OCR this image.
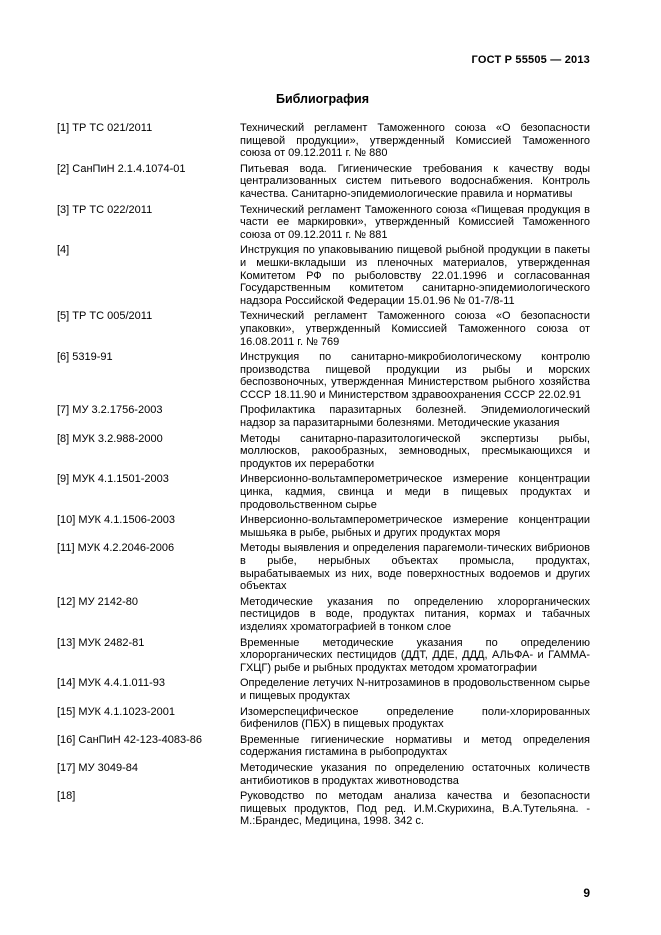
ГОСТ Р 55505 — 2013
Библиография
[1] ТР ТС 021/2011	Технический регламент Таможенного союза «О безопасности пищевой продукции», утвержденный Комиссией Таможенного союза от 09.12.2011 г. № 880
[2] СанПиН 2.1.4.1074-01	Питьевая вода. Гигиенические требования к качеству воды централизованных систем питьевого водоснабжения. Контроль качества. Санитарно-эпидемиологические правила и нормативы
[3] ТР ТС 022/2011	Технический регламент Таможенного союза «Пищевая продукция в части ее маркировки», утвержденный Комиссией Таможенного союза от 09.12.2011 г. № 881
[4]	Инструкция по упаковыванию пищевой рыбной продукции в пакеты и мешки-вкладыши из пленочных материалов, утвержденная Комитетом РФ по рыболовству 22.01.1996 и согласованная Государственным комитетом санитарно-эпидемиологического надзора Российской Федерации 15.01.96 № 01-7/8-11
[5] ТР ТС 005/2011	Технический регламент Таможенного союза «О безопасности упаковки», утвержденный Комиссией Таможенного союза от 16.08.2011 г. № 769
[6] 5319-91	Инструкция по санитарно-микробиологическому контролю производства пищевой продукции из рыбы и морских беспозвоночных, утвержденная Министерством рыбного хозяйства СССР 18.11.90 и Министерством здравоохранения СССР 22.02.91
[7] МУ 3.2.1756-2003	Профилактика паразитарных болезней. Эпидемиологический надзор за паразитарными болезнями. Методические указания
[8] МУК 3.2.988-2000	Методы санитарно-паразитологической экспертизы рыбы, моллюсков, ракообразных, земноводных, пресмыкающихся и продуктов их переработки
[9] МУК 4.1.1501-2003	Инверсионно-вольтамперометрическое измерение концентрации цинка, кадмия, свинца и меди в пищевых продуктах и продовольственном сырье
[10] МУК 4.1.1506-2003	Инверсионно-вольтамперометрическое измерение концентрации мышьяка в рыбе, рыбных и других продуктах моря
[11] МУК 4.2.2046-2006	Методы выявления и определения парагемоли-тических вибрионов в рыбе, нерыбных объектах промысла, продуктах, вырабатываемых из них, воде поверхностных водоемов и других объектах
[12] МУ 2142-80	Методические указания по определению хлорорганических пестицидов в воде, продуктах питания, кормах и табачных изделиях хроматографией в тонком слое
[13] МУК 2482-81	Временные методические указания по определению хлорорганических пестицидов (ДДТ, ДДЕ, ДДД, АЛЬФА- и ГАММА-ГХЦГ) рыбе и рыбных продуктах методом хроматографии
[14] МУК 4.4.1.011-93	Определение летучих N-нитрозаминов в продовольственном сырье и пищевых продуктах
[15] МУК 4.1.1023-2001	Изомерспецифическое определение поли-хлорированных бифенилов (ПБХ) в пищевых продуктах
[16] СанПиН 42-123-4083-86	Временные гигиенические нормативы и метод определения содержания гистамина в рыбопродуктах
[17] МУ 3049-84	Методические указания по определению остаточных количеств антибиотиков в продуктах животноводства
[18]	Руководство по методам анализа качества и безопасности пищевых продуктов, Под ред. И.М.Скурихина, В.А.Тутельяна. - М.:Брандес, Медицина, 1998. 342 с.
9
